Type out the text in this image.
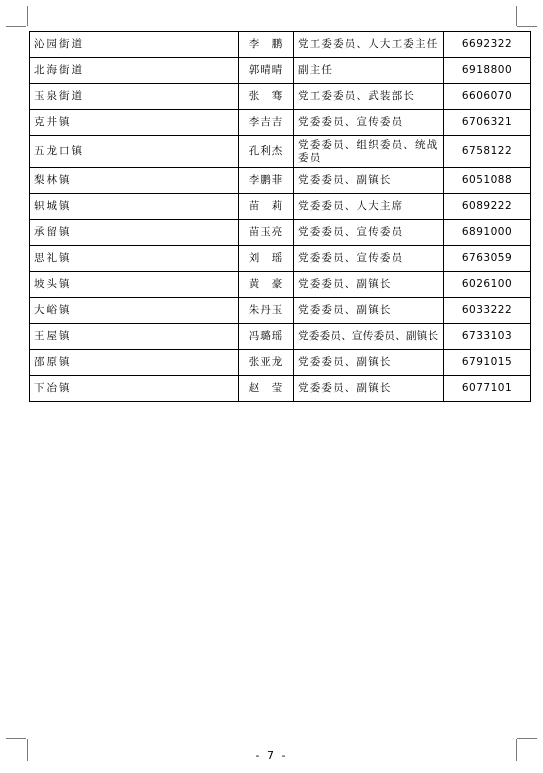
沁园街道	李　鹏	党工委委员、人大工委主任	6692322
北海街道	郭晴晴	副主任	6918800
玉泉街道	张　骞	党工委委员、武装部长	6606070
克井镇	李吉吉	党委委员、宣传委员	6706321
五龙口镇	孔利杰	党委委员、组织委员、统战委员	6758122
梨林镇	李鹏菲	党委委员、副镇长	6051088
轵城镇	苗　莉	党委委员、人大主席	6089222
承留镇	苗玉亮	党委委员、宣传委员	6891000
思礼镇	刘　瑶	党委委员、宣传委员	6763059
坡头镇	黄　豪	党委委员、副镇长	6026100
大峪镇	朱丹玉	党委委员、副镇长	6033222
王屋镇	冯璐瑶	党委委员、宣传委员、副镇长	6733103
邵原镇	张亚龙	党委委员、副镇长	6791015
下冶镇	赵　莹	党委委员、副镇长	6077101
- 7 -
